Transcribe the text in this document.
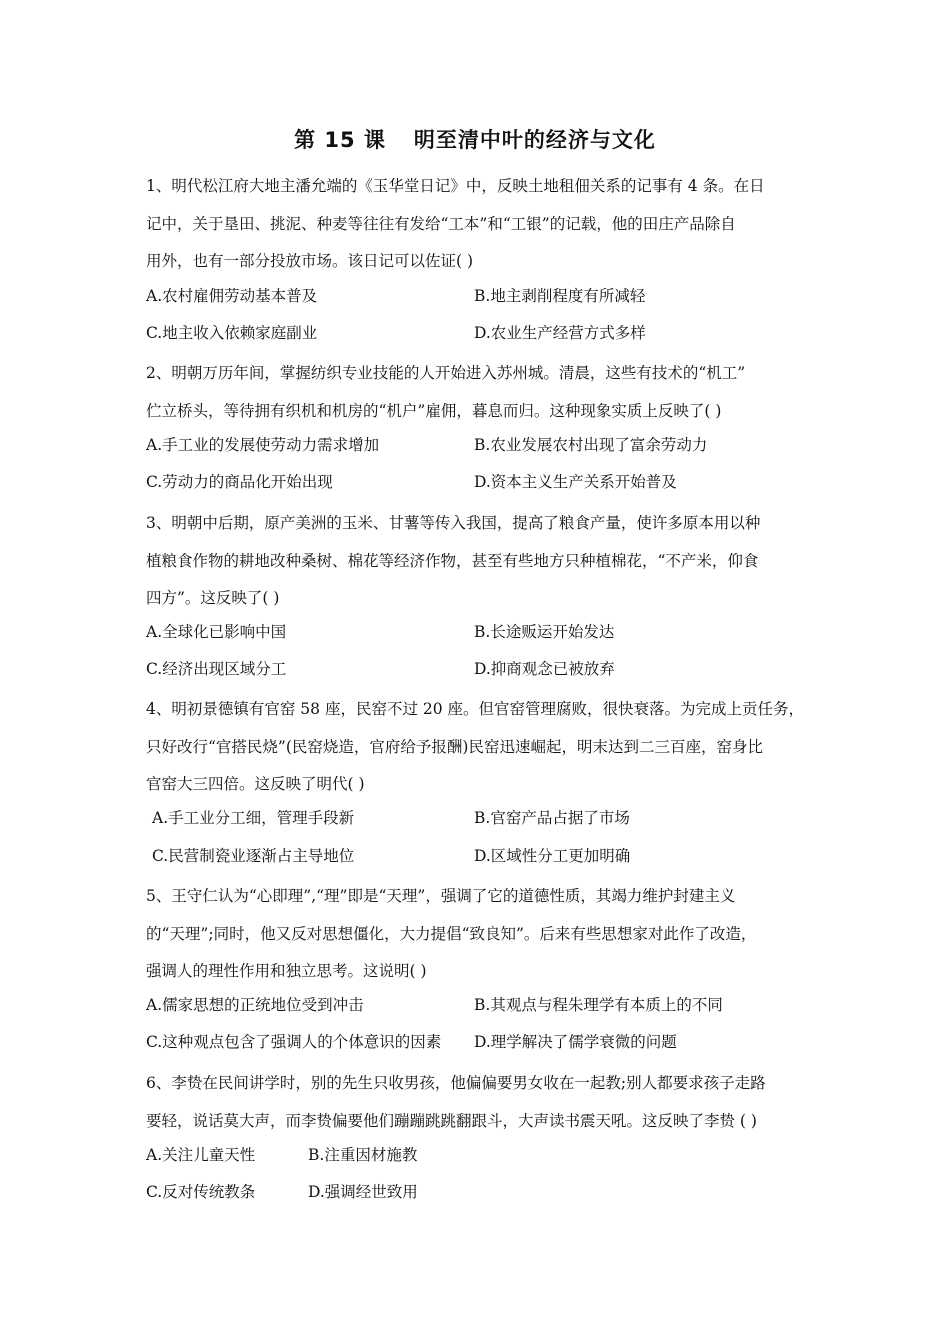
第 15 课 明至清中叶的经济与文化
1、明代松江府大地主潘允端的《玉华堂日记》中，反映土地租佃关系的记事有 4 条。在日
记中，关于垦田、挑泥、种麦等往往有发给“工本”和“工银”的记载，他的田庄产品除自
用外，也有一部分投放市场。该日记可以佐证( )
A.农村雇佣劳动基本普及	B.地主剥削程度有所减轻
C.地主收入依赖家庭副业	D.农业生产经营方式多样
2、明朝万历年间，掌握纺织专业技能的人开始进入苏州城。清晨，这些有技术的“机工”
伫立桥头，等待拥有织机和机房的“机户”雇佣，暮息而归。这种现象实质上反映了( )
A.手工业的发展使劳动力需求增加	B.农业发展农村出现了富余劳动力
C.劳动力的商品化开始出现	D.资本主义生产关系开始普及
3、明朝中后期，原产美洲的玉米、甘薯等传入我国，提高了粮食产量，使许多原本用以种
植粮食作物的耕地改种桑树、棉花等经济作物，甚至有些地方只种植棉花，“不产米，仰食
四方”。这反映了( )
A.全球化已影响中国	B.长途贩运开始发达
C.经济出现区域分工	D.抑商观念已被放弃
4、明初景德镇有官窑 58 座，民窑不过 20 座。但官窑管理腐败，很快衰落。为完成上贡任务，
只好改行“官搭民烧”(民窑烧造，官府给予报酬)民窑迅速崛起，明末达到二三百座，窑身比
官窑大三四倍。这反映了明代( )
A.手工业分工细，管理手段新	B.官窑产品占据了市场
C.民营制瓷业逐渐占主导地位	D.区域性分工更加明确
5、王守仁认为“心即理”,“理”即是“天理”，强调了它的道德性质，其竭力维护封建主义
的“天理”;同时，他又反对思想僵化，大力提倡“致良知”。后来有些思想家对此作了改造，
强调人的理性作用和独立思考。这说明( )
A.儒家思想的正统地位受到冲击	B.其观点与程朱理学有本质上的不同
C.这种观点包含了强调人的个体意识的因素 D.理学解决了儒学衰微的问题
6、李贽在民间讲学时，别的先生只收男孩，他偏偏要男女收在一起教;别人都要求孩子走路
要轻，说话莫大声，而李贽偏要他们蹦蹦跳跳翻跟斗，大声读书震天吼。这反映了李贽 ( )
A.关注儿童天性	B.注重因材施教
C.反对传统教条	D.强调经世致用
